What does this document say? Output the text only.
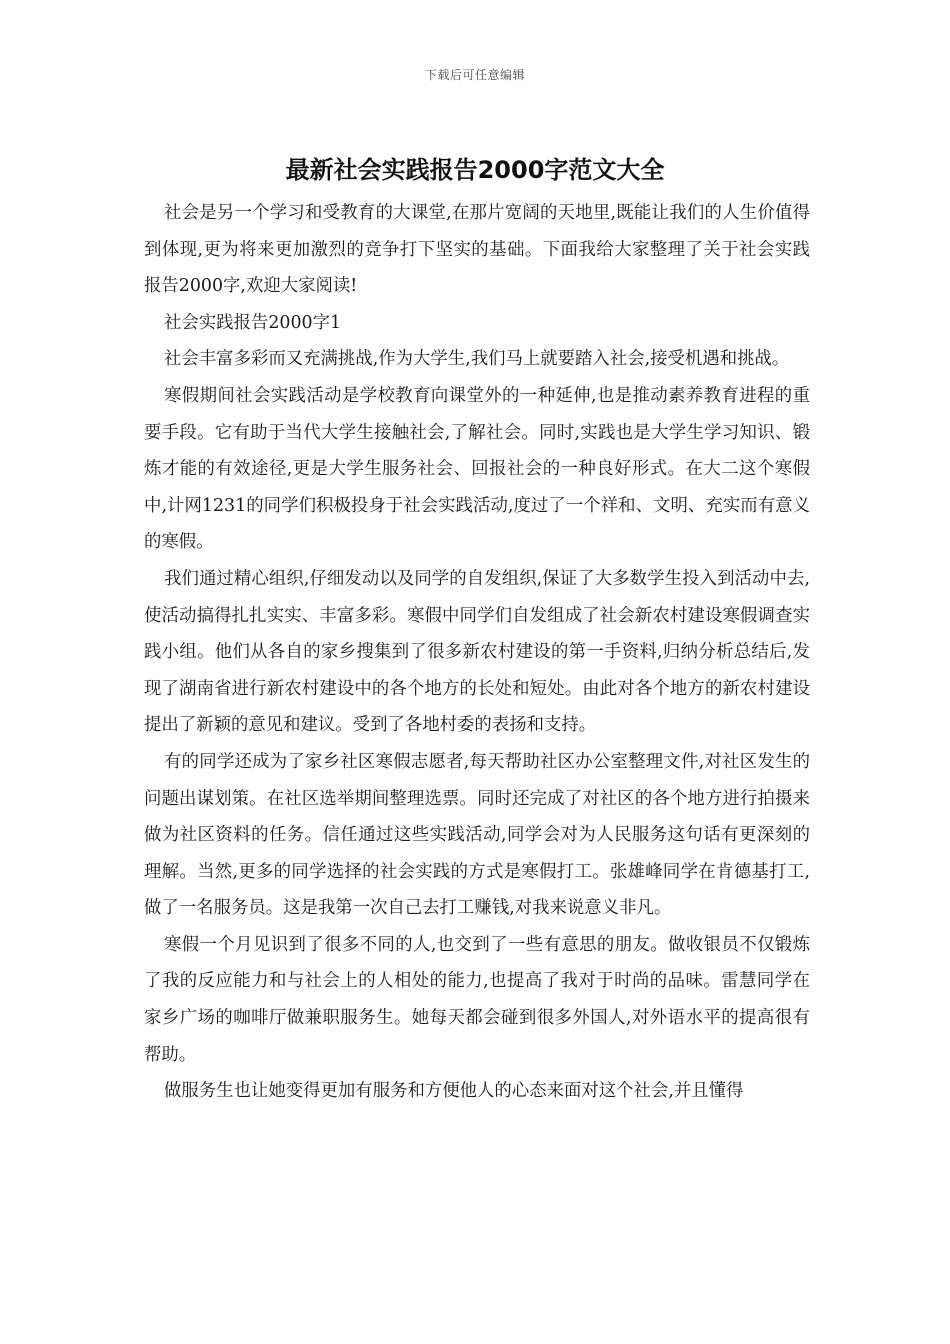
下载后可任意编辑
最新社会实践报告2000字范文大全

社会是另一个学习和受教育的大课堂,在那片宽阔的天地里,既能让我们的人生价值得到体现,更为将来更加激烈的竞争打下坚实的基础。下面我给大家整理了关于社会实践报告2000字,欢迎大家阅读!

社会实践报告2000字1

社会丰富多彩而又充满挑战,作为大学生,我们马上就要踏入社会,接受机遇和挑战。

寒假期间社会实践活动是学校教育向课堂外的一种延伸,也是推动素养教育进程的重要手段。它有助于当代大学生接触社会,了解社会。同时,实践也是大学生学习知识、锻炼才能的有效途径,更是大学生服务社会、回报社会的一种良好形式。在大二这个寒假中,计网1231的同学们积极投身于社会实践活动,度过了一个祥和、文明、充实而有意义的寒假。

我们通过精心组织,仔细发动以及同学的自发组织,保证了大多数学生投入到活动中去,使活动搞得扎扎实实、丰富多彩。寒假中同学们自发组成了社会新农村建设寒假调查实践小组。他们从各自的家乡搜集到了很多新农村建设的第一手资料,归纳分析总结后,发现了湖南省进行新农村建设中的各个地方的长处和短处。由此对各个地方的新农村建设提出了新颖的意见和建议。受到了各地村委的表扬和支持。

有的同学还成为了家乡社区寒假志愿者,每天帮助社区办公室整理文件,对社区发生的问题出谋划策。在社区选举期间整理选票。同时还完成了对社区的各个地方进行拍摄来做为社区资料的任务。信任通过这些实践活动,同学会对为人民服务这句话有更深刻的理解。当然,更多的同学选择的社会实践的方式是寒假打工。张雄峰同学在肯德基打工,做了一名服务员。这是我第一次自己去打工赚钱,对我来说意义非凡。

寒假一个月见识到了很多不同的人,也交到了一些有意思的朋友。做收银员不仅锻炼了我的反应能力和与社会上的人相处的能力,也提高了我对于时尚的品味。雷慧同学在家乡广场的咖啡厅做兼职服务生。她每天都会碰到很多外国人,对外语水平的提高很有帮助。

做服务生也让她变得更加有服务和方便他人的心态来面对这个社会,并且懂得
